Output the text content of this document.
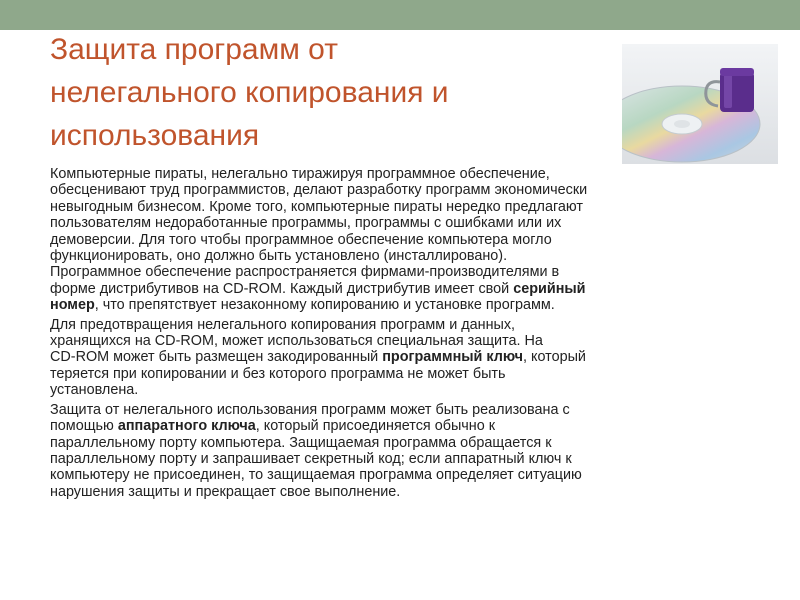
Защита программ от
нелегального копирования и
использования

Компьютерные пираты, нелегально тиражируя программное обеспечение,
обесценивают труд программистов, делают разработку программ экономически
невыгодным бизнесом. Кроме того, компьютерные пираты нередко предлагают
пользователям недоработанные программы, программы с ошибками или их
демоверсии. Для того чтобы программное обеспечение компьютера могло
функционировать, оно должно быть установлено (инсталлировано).
Программное обеспечение распространяется фирмами-производителями в
форме дистрибутивов на CD-ROM. Каждый дистрибутив имеет свой серийный
номер, что препятствует незаконному копированию и установке программ.

Для предотвращения нелегального копирования программ и данных,
хранящихся на CD-ROM, может использоваться специальная защита. На
CD-ROM может быть размещен закодированный программный ключ, который
теряется при копировании и без которого программа не может быть
установлена.

Защита от нелегального использования программ может быть реализована с
помощью аппаратного ключа, который присоединяется обычно к
параллельному порту компьютера. Защищаемая программа обращается к
параллельному порту и запрашивает секретный код; если аппаратный ключ к
компьютеру не присоединен, то защищаемая программа определяет ситуацию
нарушения защиты и прекращает свое выполнение.
